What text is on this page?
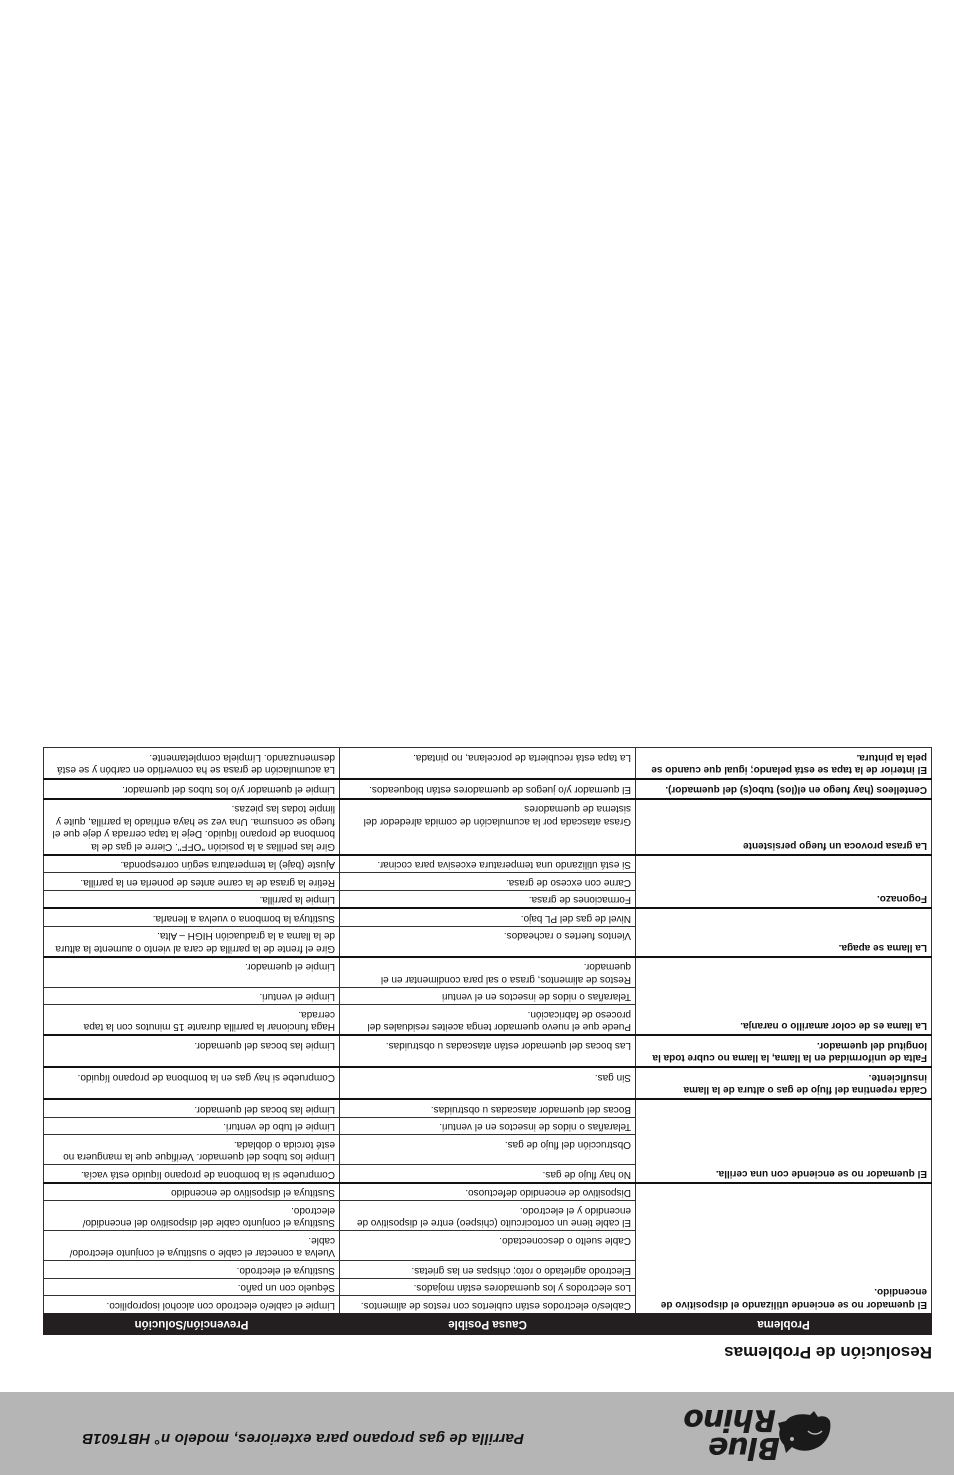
Blue
Rhino
Parrilla de gas propano para exteriores, modelo n° HBT601B
Resolución de Problemas
Problema	Causa Posible	Prevención/Solución
El quemador no se enciende utilizando el dispositivo de encendido.	Cables/o electrodos están cubiertos con restos de alimentos.	Limpie el cable/o electrodo con alcohol isopropílico.
	Los electrodos y los quemadores están mojados.	Séquelo con un paño.
	Electrodo agrietado o roto; chispas en las grietas.	Sustituya el electrodo.
	Cable suelto o desconectado.	Vuelva a conectar el cable o sustituya el conjunto electrodo/ cable.
	El cable tiene un cortocircuito (chispeo) entre el dispositivo de encendido y el electrodo.	Sustituya el conjunto cable del dispositivo del encendido/ electrodo.
	Dispositivo de encendido defectuoso.	Sustituya el dispositivo de encendido
El quemador no se enciende con una cerilla.	No hay flujo de gas.	Compruebe si la bombona de propano líquido está vacía.
	Obstrucción del flujo de gas.	Limpie los tubos del quemador. Verifique que la manguera no esté torcida o doblada.
	Telarañas o nidos de insectos en el venturi.	Limpie el tubo de venturi.
	Bocas del quemador atascadas u obstruidas.	Limpie las bocas del quemador.
Caída repentina del flujo de gas o altura de la llama insuficiente.	Sin gas.	Compruebe si hay gas en la bombona de propano líquido.
Falta de uniformidad en la llama, la llama no cubre toda la longitud del quemador.	Las bocas del quemador están atascadas u obstruidas.	Limpie las bocas del quemador.
La llama es de color amarillo o naranja.	Puede que el nuevo quemador tenga aceites residuales del proceso de fabricación.	Haga funcionar la parrilla durante 15 minutos con la tapa cerrada.
	Telarañas o nidos de insectos en el venturi	Limpie el venturi.
	Restos de alimentos, grasa o sal para condimentar en el quemador.	Limpie el quemador.
La llama se apaga.	Vientos fuertes o racheados.	Gire el frente de la parrilla de cara al viento o aumente la altura de la llama a la graduación HIGH – Alta.
	Nivel de gas del PL bajo.	Sustituya la bombona o vuelva a llenarla.
Fogonazo.	Formaciones de grasa.	Limpie la parrilla.
	Carne con exceso de grasa.	Retire la grasa de la carne antes de ponerla en la parrilla.
	Si está utilizando una temperatura excesiva para cocinar.	Ajuste (baje) la temperatura según corresponda.
La grasa provoca un fuego persistente	Grasa atascada por la acumulación de comida alrededor del sistema de quemadores	Gire las perillas a la posición "OFF". Cierre el gas de la bombona de propano líquido. Deje la tapa cerrada y deje que el fuego se consuma. Una vez se haya enfriado la parrilla, quite y limpie todas las piezas.
Centelleos (hay fuego en el(los) tubo(s) del quemador).	El quemador y/o juegos de quemadores están bloqueados.	Limpie el quemador y/o los tubos del quemador.
El interior de la tapa se está pelando; igual que cuando se pela la pintura.	La tapa está recubierta de porcelana, no pintada.	La acumulación de grasa se ha convertido en carbón y se está desmenuzando. Límpiela completamente.
